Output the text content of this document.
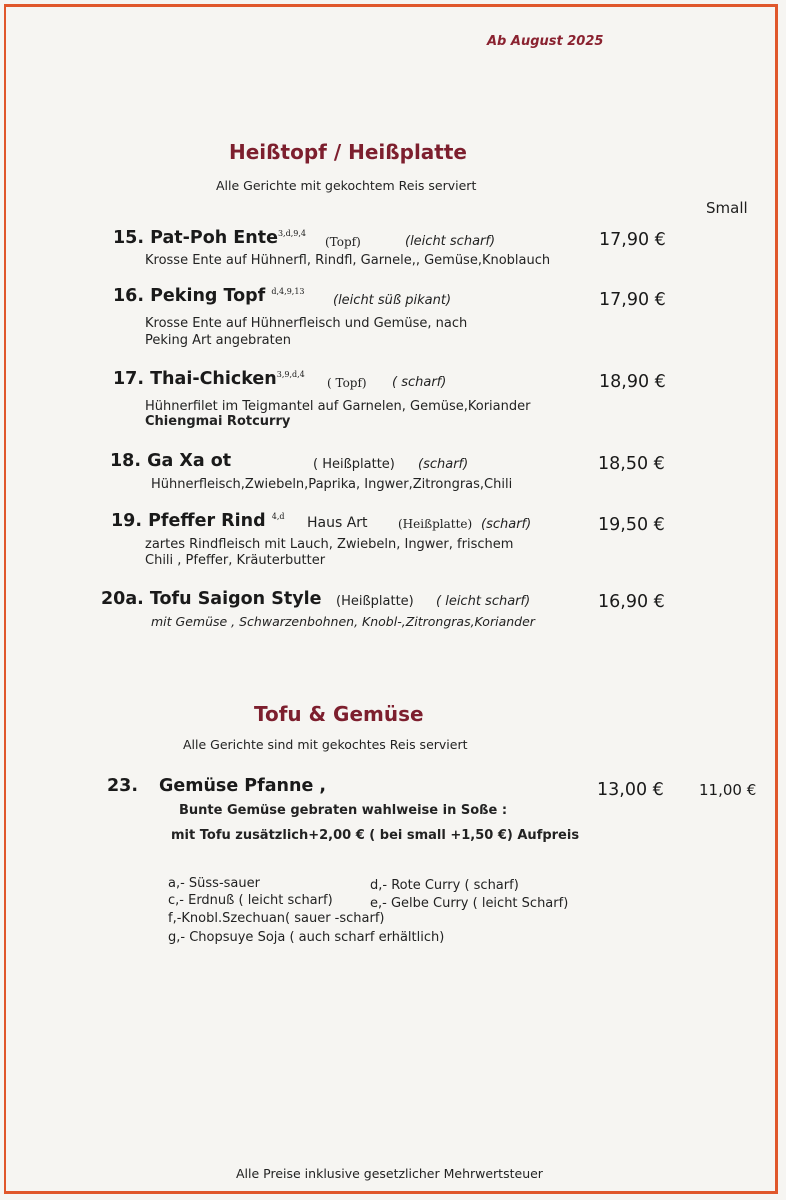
Ab August 2025
Heißtopf / Heißplatte
Alle Gerichte mit gekochtem Reis serviert
Small
15. Pat-Poh Ente$^{3,d,9,4}$
(Topf)	(leicht scharf)	17,90 €
Krosse Ente auf Hühnerfl, Rindfl, Garnele,, Gemüse,Knoblauch
16. Peking Topf $^{d,4,9,13}$
(leicht süß pikant)	17,90 €
Krosse Ente auf Hühnerfleisch und Gemüse, nach
Peking Art angebraten
17. Thai-Chicken$^{3,9,d,4}$
( Topf) ( scharf)	18,90 €
Hühnerfilet im Teigmantel auf Garnelen, Gemüse,Koriander
Chiengmai Rotcurry
18. Ga Xa ot	( Heißplatte) (scharf)	18,50 €
Hühnerfleisch,Zwiebeln,Paprika, Ingwer,Zitrongras,Chili
19. Pfeffer Rind $^{4,d}$ Haus Art	(Heißplatte) (scharf)	19,50 €
zartes Rindfleisch mit Lauch, Zwiebeln, Ingwer, frischem
Chili , Pfeffer, Kräuterbutter
20a. Tofu Saigon Style (Heißplatte) ( leicht scharf)	16,90 €
mit Gemüse , Schwarzenbohnen, Knobl-,Zitrongras,Koriander
Tofu & Gemüse
Alle Gerichte sind mit gekochtes Reis serviert
23. Gemüse Pfanne ,	13,00 € 11,00 €
Bunte Gemüse gebraten wahlweise in Soße :
mit Tofu zusätzlich+2,00 € ( bei small +1,50 €) Aufpreis
a,- Süss-sauer	d,- Rote Curry ( scharf)
c,- Erdnuß ( leicht scharf)	e,- Gelbe Curry ( leicht Scharf)
f,-Knobl.Szechuan( sauer -scharf)
g,- Chopsuye Soja ( auch scharf erhältlich)
Alle Preise inklusive gesetzlicher Mehrwertsteuer
